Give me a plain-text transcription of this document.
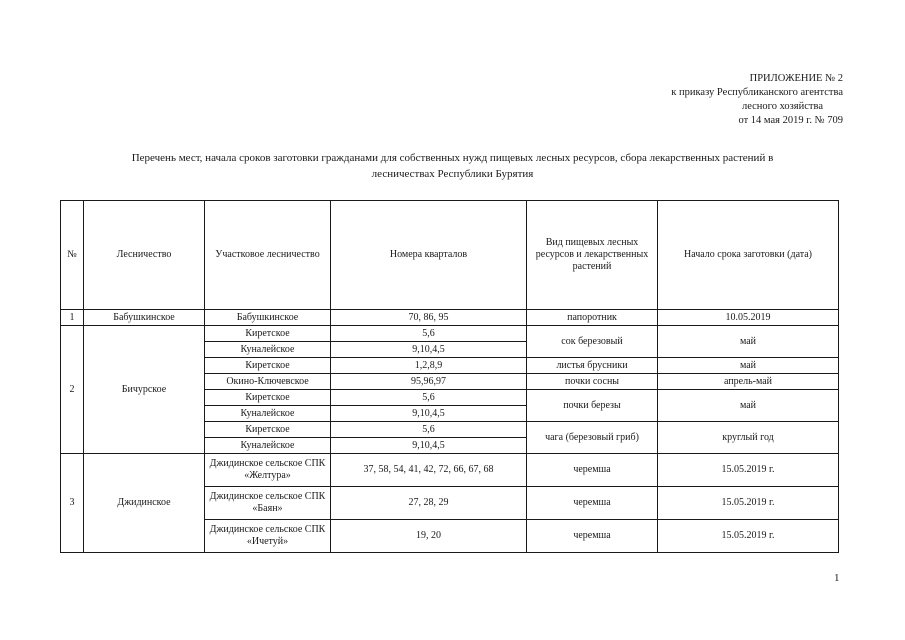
ПРИЛОЖЕНИЕ № 2
к приказу Республиканского агентства
лесного хозяйства
от 14 мая 2019 г. № 709
Перечень мест, начала сроков заготовки гражданами для собственных нужд пищевых лесных ресурсов, сбора лекарственных растений в
лесничествах Республики Бурятия
№	Лесничество	Участковое лесничество	Номера кварталов	Вид пищевых лесных ресурсов и лекарственных растений	Начало срока заготовки (дата)
1	Бабушкинское	Бабушкинское	70, 86, 95	папоротник	10.05.2019
2	Бичурское	Киретское	5,6	сок березовый	май
		Куналейское	9,10,4,5		
		Киретское	1,2,8,9	листья брусники	май
		Окино-Ключевское	95,96,97	почки сосны	апрель-май
		Киретское	5,6	почки березы	май
		Куналейское	9,10,4,5		
		Киретское	5,6	чага (березовый гриб)	круглый год
		Куналейское	9,10,4,5		
3	Джидинское	Джидинское сельское СПК «Желтура»	37, 58, 54, 41, 42, 72, 66, 67, 68	черемша	15.05.2019 г.
		Джидинское сельское СПК «Баян»	27, 28, 29	черемша	15.05.2019 г.
		Джидинское сельское СПК «Ичетуй»	19, 20	черемша	15.05.2019 г.
1
